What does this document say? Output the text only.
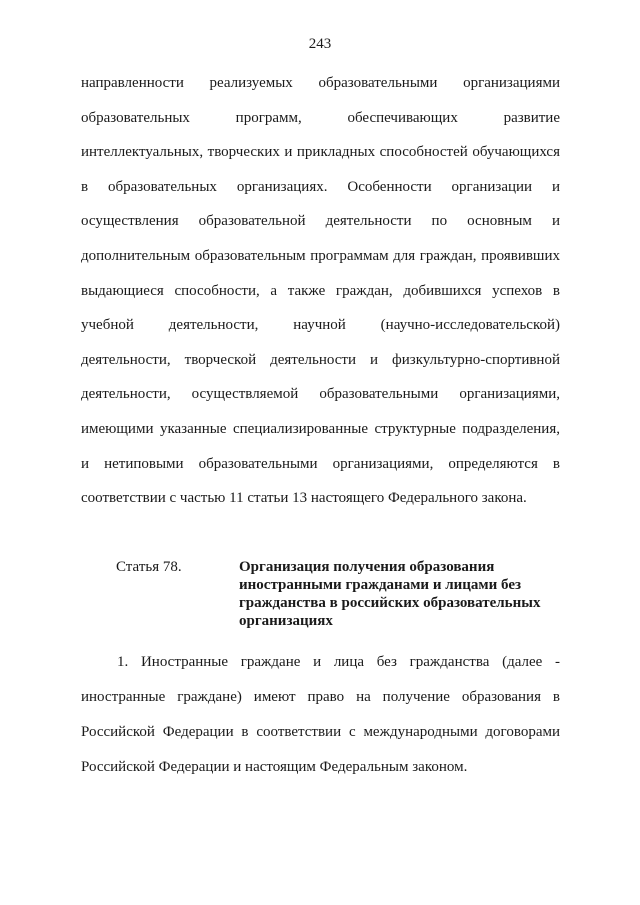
243
направленности реализуемых образовательными организациями
образовательных программ, обеспечивающих развитие
интеллектуальных, творческих и прикладных способностей обучающихся
в образовательных организациях. Особенности организации и
осуществления образовательной деятельности по основным и
дополнительным образовательным программам для граждан, проявивших
выдающиеся способности, а также граждан, добившихся успехов в
учебной деятельности, научной (научно-исследовательской)
деятельности, творческой деятельности и физкультурно-спортивной
деятельности, осуществляемой образовательными организациями,
имеющими указанные специализированные структурные подразделения,
и нетиповыми образовательными организациями, определяются в
соответствии с частью 11 статьи 13 настоящего Федерального закона.
Статья 78.	Организация получения образования
иностранными гражданами и лицами без
гражданства в российских образовательных
организациях
1. Иностранные граждане и лица без гражданства (далее -
иностранные граждане) имеют право на получение образования в
Российской Федерации в соответствии с международными договорами
Российской Федерации и настоящим Федеральным законом.
